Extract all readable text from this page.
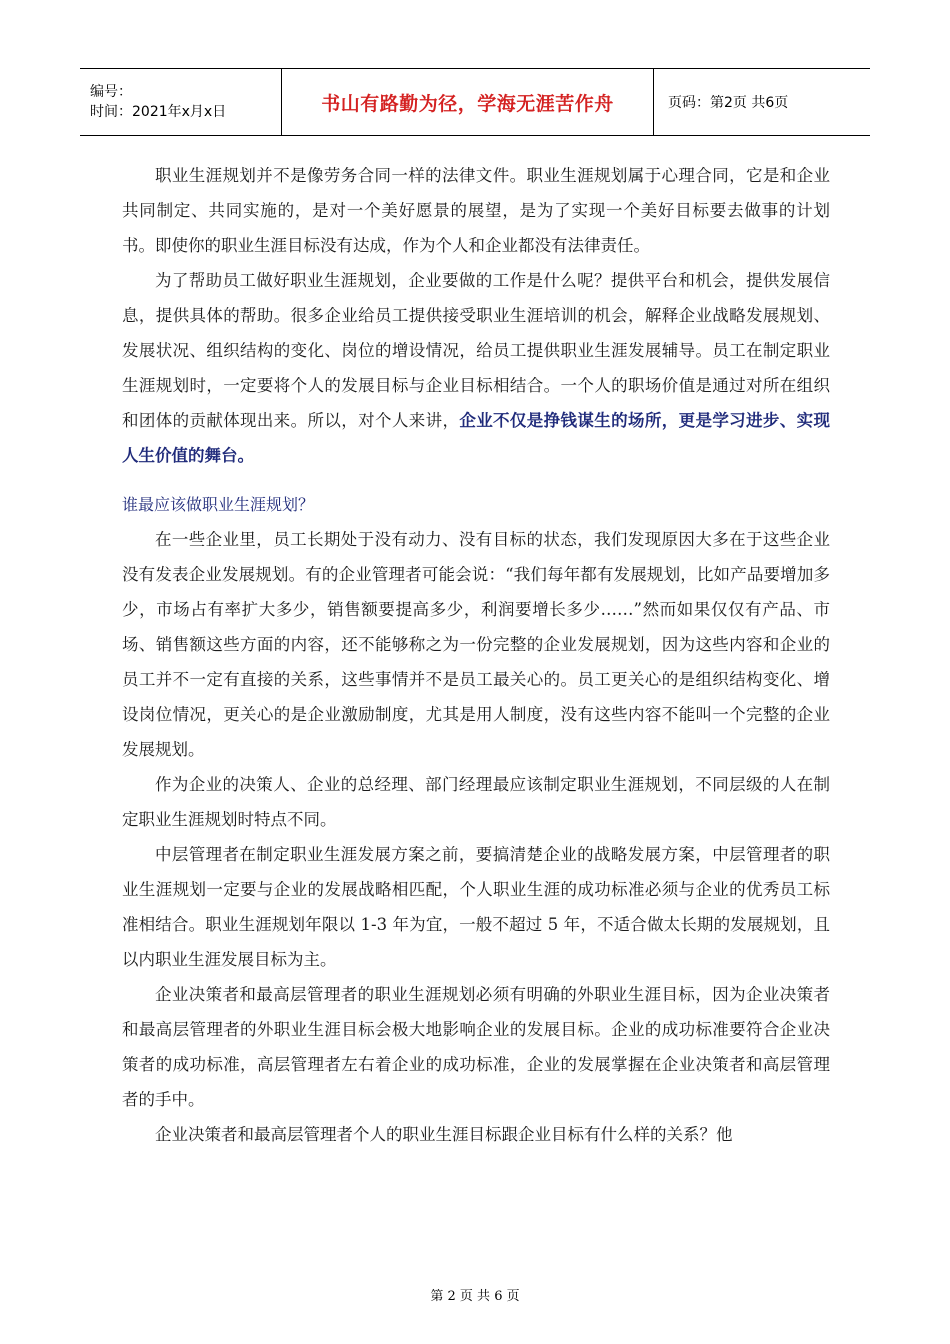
编号：
时间：2021年x月x日	书山有路勤为径，学海无涯苦作舟	页码：第2页 共6页

职业生涯规划并不是像劳务合同一样的法律文件。职业生涯规划属于心理合同，它是和企业共同制定、共同实施的，是对一个美好愿景的展望，是为了实现一个美好目标要去做事的计划书。即使你的职业生涯目标没有达成，作为个人和企业都没有法律责任。

为了帮助员工做好职业生涯规划，企业要做的工作是什么呢？提供平台和机会，提供发展信息，提供具体的帮助。很多企业给员工提供接受职业生涯培训的机会，解释企业战略发展规划、发展状况、组织结构的变化、岗位的增设情况，给员工提供职业生涯发展辅导。员工在制定职业生涯规划时，一定要将个人的发展目标与企业目标相结合。一个人的职场价值是通过对所在组织和团体的贡献体现出来。所以，对个人来讲，企业不仅是挣钱谋生的场所，更是学习进步、实现人生价值的舞台。

谁最应该做职业生涯规划？

在一些企业里，员工长期处于没有动力、没有目标的状态，我们发现原因大多在于这些企业没有发表企业发展规划。有的企业管理者可能会说：“我们每年都有发展规划，比如产品要增加多少，市场占有率扩大多少，销售额要提高多少，利润要增长多少……”然而如果仅仅有产品、市场、销售额这些方面的内容，还不能够称之为一份完整的企业发展规划，因为这些内容和企业的员工并不一定有直接的关系，这些事情并不是员工最关心的。员工更关心的是组织结构变化、增设岗位情况，更关心的是企业激励制度，尤其是用人制度，没有这些内容不能叫一个完整的企业发展规划。

作为企业的决策人、企业的总经理、部门经理最应该制定职业生涯规划，不同层级的人在制定职业生涯规划时特点不同。

中层管理者在制定职业生涯发展方案之前，要搞清楚企业的战略发展方案，中层管理者的职业生涯规划一定要与企业的发展战略相匹配，个人职业生涯的成功标准必须与企业的优秀员工标准相结合。职业生涯规划年限以 1-3 年为宜，一般不超过 5 年，不适合做太长期的发展规划，且以内职业生涯发展目标为主。

企业决策者和最高层管理者的职业生涯规划必须有明确的外职业生涯目标，因为企业决策者和最高层管理者的外职业生涯目标会极大地影响企业的发展目标。企业的成功标准要符合企业决策者的成功标准，高层管理者左右着企业的成功标准，企业的发展掌握在企业决策者和高层管理者的手中。

企业决策者和最高层管理者个人的职业生涯目标跟企业目标有什么样的关系？他

第 2 页 共 6 页
